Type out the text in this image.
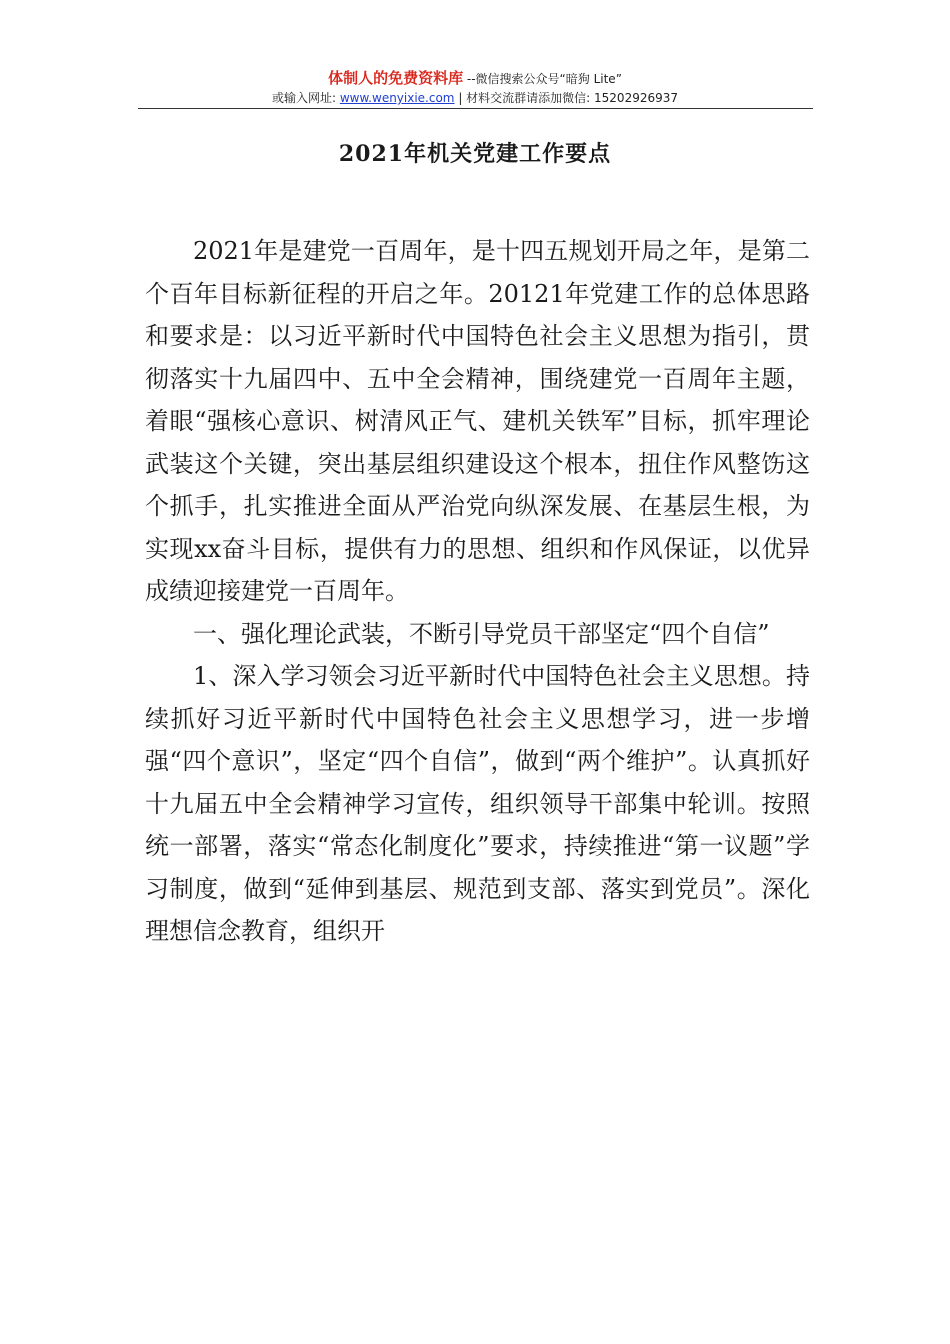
体制人的免费资料库 --微信搜索公众号“暗狗 Lite”
或输入网址: www.wenyixie.com | 材料交流群请添加微信: 15202926937
2021年机关党建工作要点

2021年是建党一百周年，是十四五规划开局之年，是第二个百年目标新征程的开启之年。20121年党建工作的总体思路和要求是：以习近平新时代中国特色社会主义思想为指引，贯彻落实十九届四中、五中全会精神，围绕建党一百周年主题，着眼“强核心意识、树清风正气、建机关铁军”目标，抓牢理论武装这个关键，突出基层组织建设这个根本，扭住作风整饬这个抓手，扎实推进全面从严治党向纵深发展、在基层生根，为实现xx奋斗目标，提供有力的思想、组织和作风保证，以优异成绩迎接建党一百周年。

一、强化理论武装，不断引导党员干部坚定“四个自信”

1、深入学习领会习近平新时代中国特色社会主义思想。持续抓好习近平新时代中国特色社会主义思想学习，进一步增强“四个意识”，坚定“四个自信”，做到“两个维护”。认真抓好十九届五中全会精神学习宣传，组织领导干部集中轮训。按照统一部署，落实“常态化制度化”要求，持续推进“第一议题”学习制度，做到“延伸到基层、规范到支部、落实到党员”。深化理想信念教育，组织开
